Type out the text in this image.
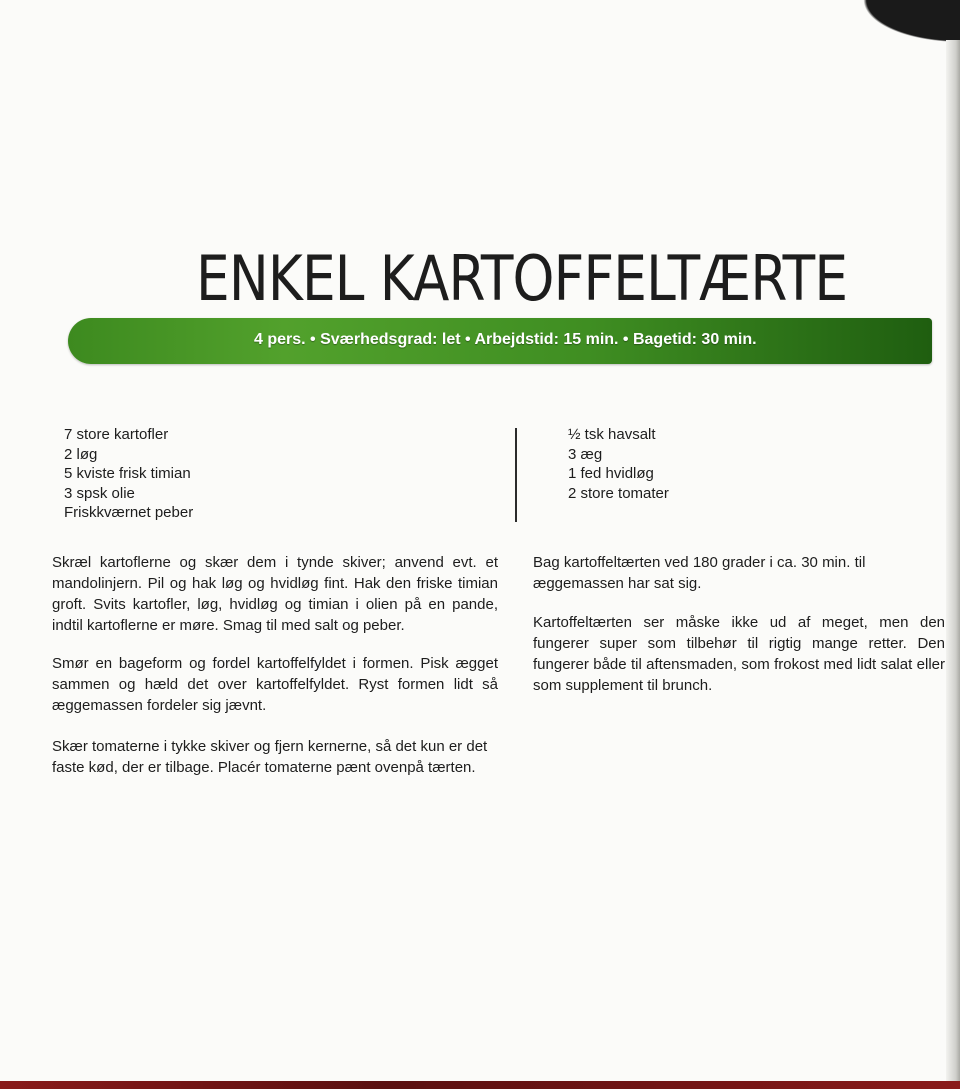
ENKEL KARTOFFELTÆRTE
4 pers. • Sværhedsgrad: let • Arbejdstid: 15 min. • Bagetid: 30 min.
7 store kartofler
2 løg
5 kviste frisk timian
3 spsk olie
Friskkværnet peber
½ tsk havsalt
3 æg
1 fed hvidløg
2 store tomater

Skræl kartoflerne og skær dem i tynde skiver; anvend evt. et mandolinjern. Pil og hak løg og hvidløg fint. Hak den friske timian groft. Svits kartofler, løg, hvidløg og timian i olien på en pande, indtil kartoflerne er møre. Smag til med salt og peber.

Smør en bageform og fordel kartoffelfyldet i formen. Pisk ægget sammen og hæld det over kartoffelfyldet. Ryst formen lidt så æggemassen fordeler sig jævnt.

Skær tomaterne i tykke skiver og fjern kernerne, så det kun er det faste kød, der er tilbage. Placér tomaterne pænt ovenpå tærten.

Bag kartoffeltærten ved 180 grader i ca. 30 min. til æggemassen har sat sig.

Kartoffeltærten ser måske ikke ud af meget, men den fungerer super som tilbehør til rigtig mange retter. Den fungerer både til aftensmaden, som frokost med lidt salat eller som supplement til brunch.
